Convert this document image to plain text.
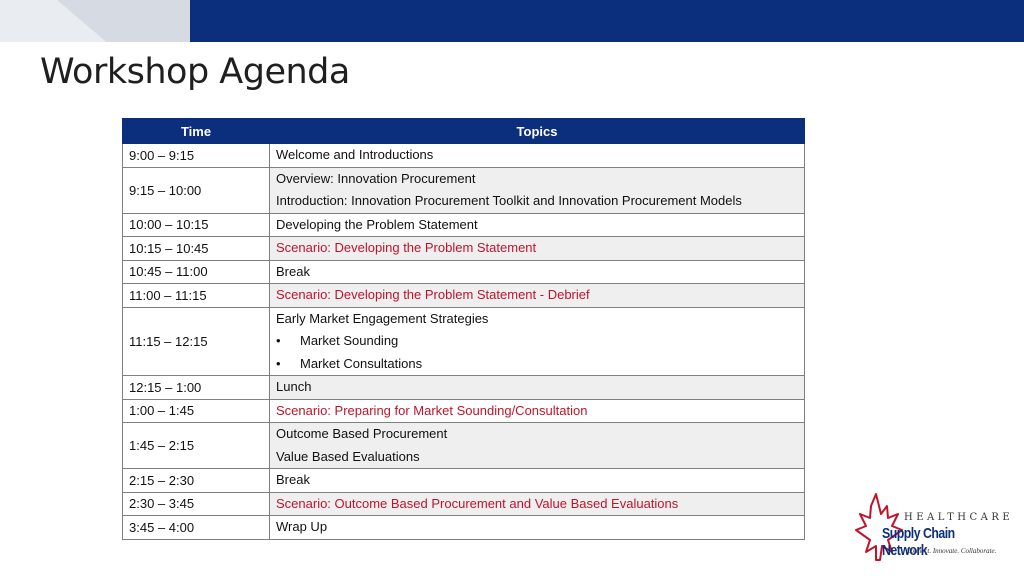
Workshop Agenda
Time	Topics
9:00 – 9:15	Welcome and Introductions

9:15 – 10:00	Overview: Innovation Procurement
Introduction: Innovation Procurement Toolkit and Innovation Procurement Models

10:00 – 10:15	Developing the Problem Statement

10:15 – 10:45	Scenario: Developing the Problem Statement

10:45 – 11:00	Break

11:00 – 11:15	Scenario: Developing the Problem Statement - Debrief

11:15 – 12:15	Early Market Engagement Strategies
• Market Sounding
• Market Consultations

12:15 – 1:00	Lunch

1:00 – 1:45	Scenario: Preparing for Market Sounding/Consultation

1:45 – 2:15	Outcome Based Procurement
Value Based Evaluations

2:15 – 2:30	Break

2:30 – 3:45	Scenario: Outcome Based Procurement and Value Based Evaluations

3:45 – 4:00	Wrap Up
HEALTHCARE
Supply Chain Network
Connect. Innovate. Collaborate.
